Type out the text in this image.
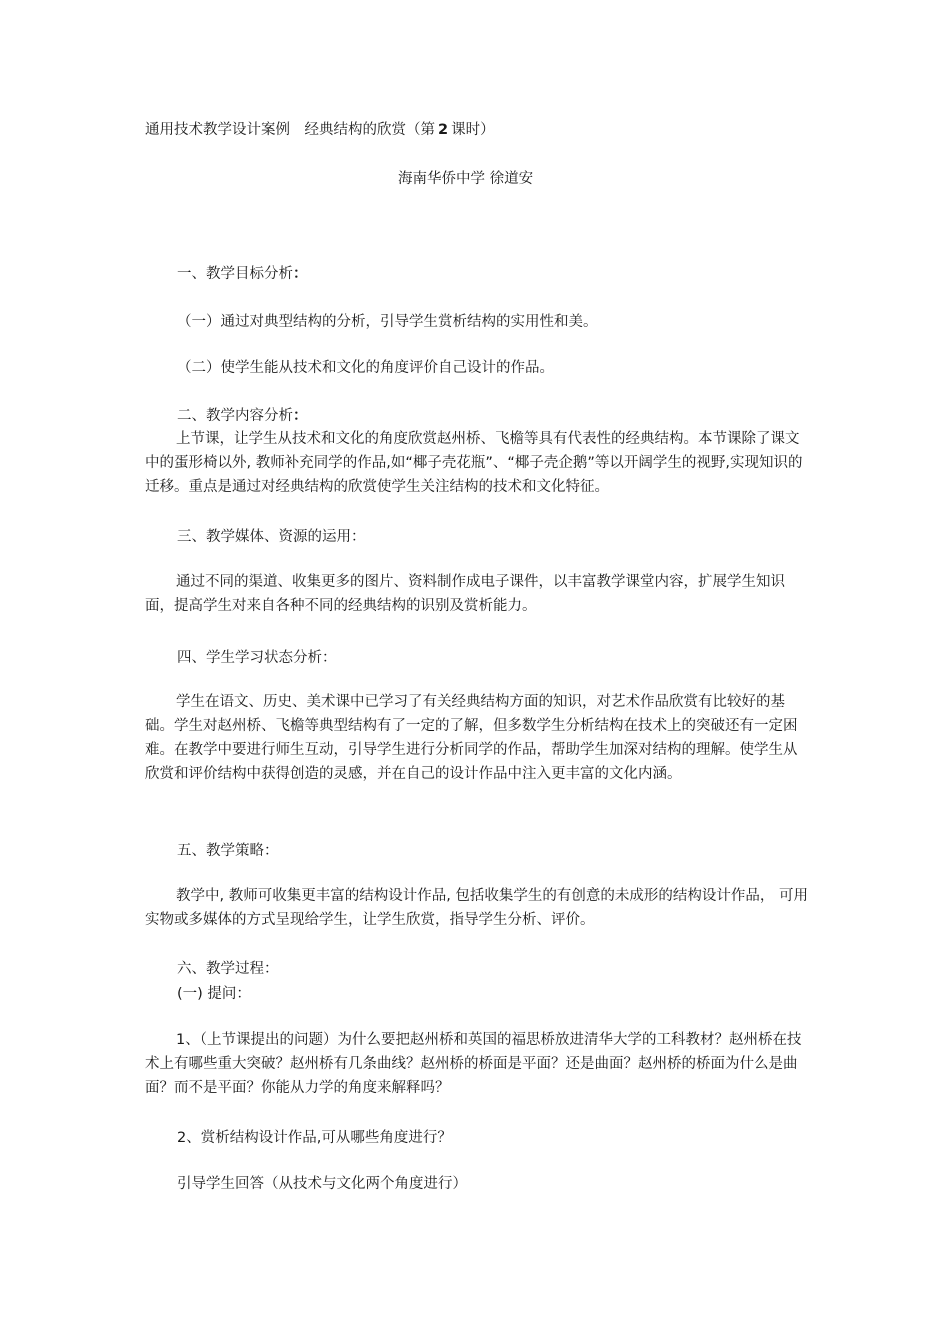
通用技术教学设计案例　经典结构的欣赏（第 2 课时）
海南华侨中学 徐道安
一、教学目标分析：
（一）通过对典型结构的分析，引导学生赏析结构的实用性和美。
（二）使学生能从技术和文化的角度评价自己设计的作品。
二、教学内容分析：
上节课，让学生从技术和文化的角度欣赏赵州桥、飞檐等具有代表性的经典结构。本节课除了课文中的蛋形椅以外, 教师补充同学的作品,如“椰子壳花瓶”、“椰子壳企鹅”等以开阔学生的视野,实现知识的迁移。重点是通过对经典结构的欣赏使学生关注结构的技术和文化特征。
三、教学媒体、资源的运用：
通过不同的渠道、收集更多的图片、资料制作成电子课件，以丰富教学课堂内容，扩展学生知识面，提高学生对来自各种不同的经典结构的识别及赏析能力。
四、学生学习状态分析：
学生在语文、历史、美术课中已学习了有关经典结构方面的知识，对艺术作品欣赏有比较好的基础。学生对赵州桥、飞檐等典型结构有了一定的了解，但多数学生分析结构在技术上的突破还有一定困难。在教学中要进行师生互动，引导学生进行分析同学的作品，帮助学生加深对结构的理解。使学生从欣赏和评价结构中获得创造的灵感，并在自己的设计作品中注入更丰富的文化内涵。
五、教学策略：
教学中, 教师可收集更丰富的结构设计作品, 包括收集学生的有创意的未成形的结构设计作品， 可用实物或多媒体的方式呈现给学生，让学生欣赏，指导学生分析、评价。
六、教学过程：
(一) 提问：
1、（上节课提出的问题）为什么要把赵州桥和英国的福思桥放进清华大学的工科教材？赵州桥在技术上有哪些重大突破？赵州桥有几条曲线？赵州桥的桥面是平面？还是曲面？赵州桥的桥面为什么是曲面？而不是平面？你能从力学的角度来解释吗？
2、赏析结构设计作品,可从哪些角度进行？
引导学生回答（从技术与文化两个角度进行）
